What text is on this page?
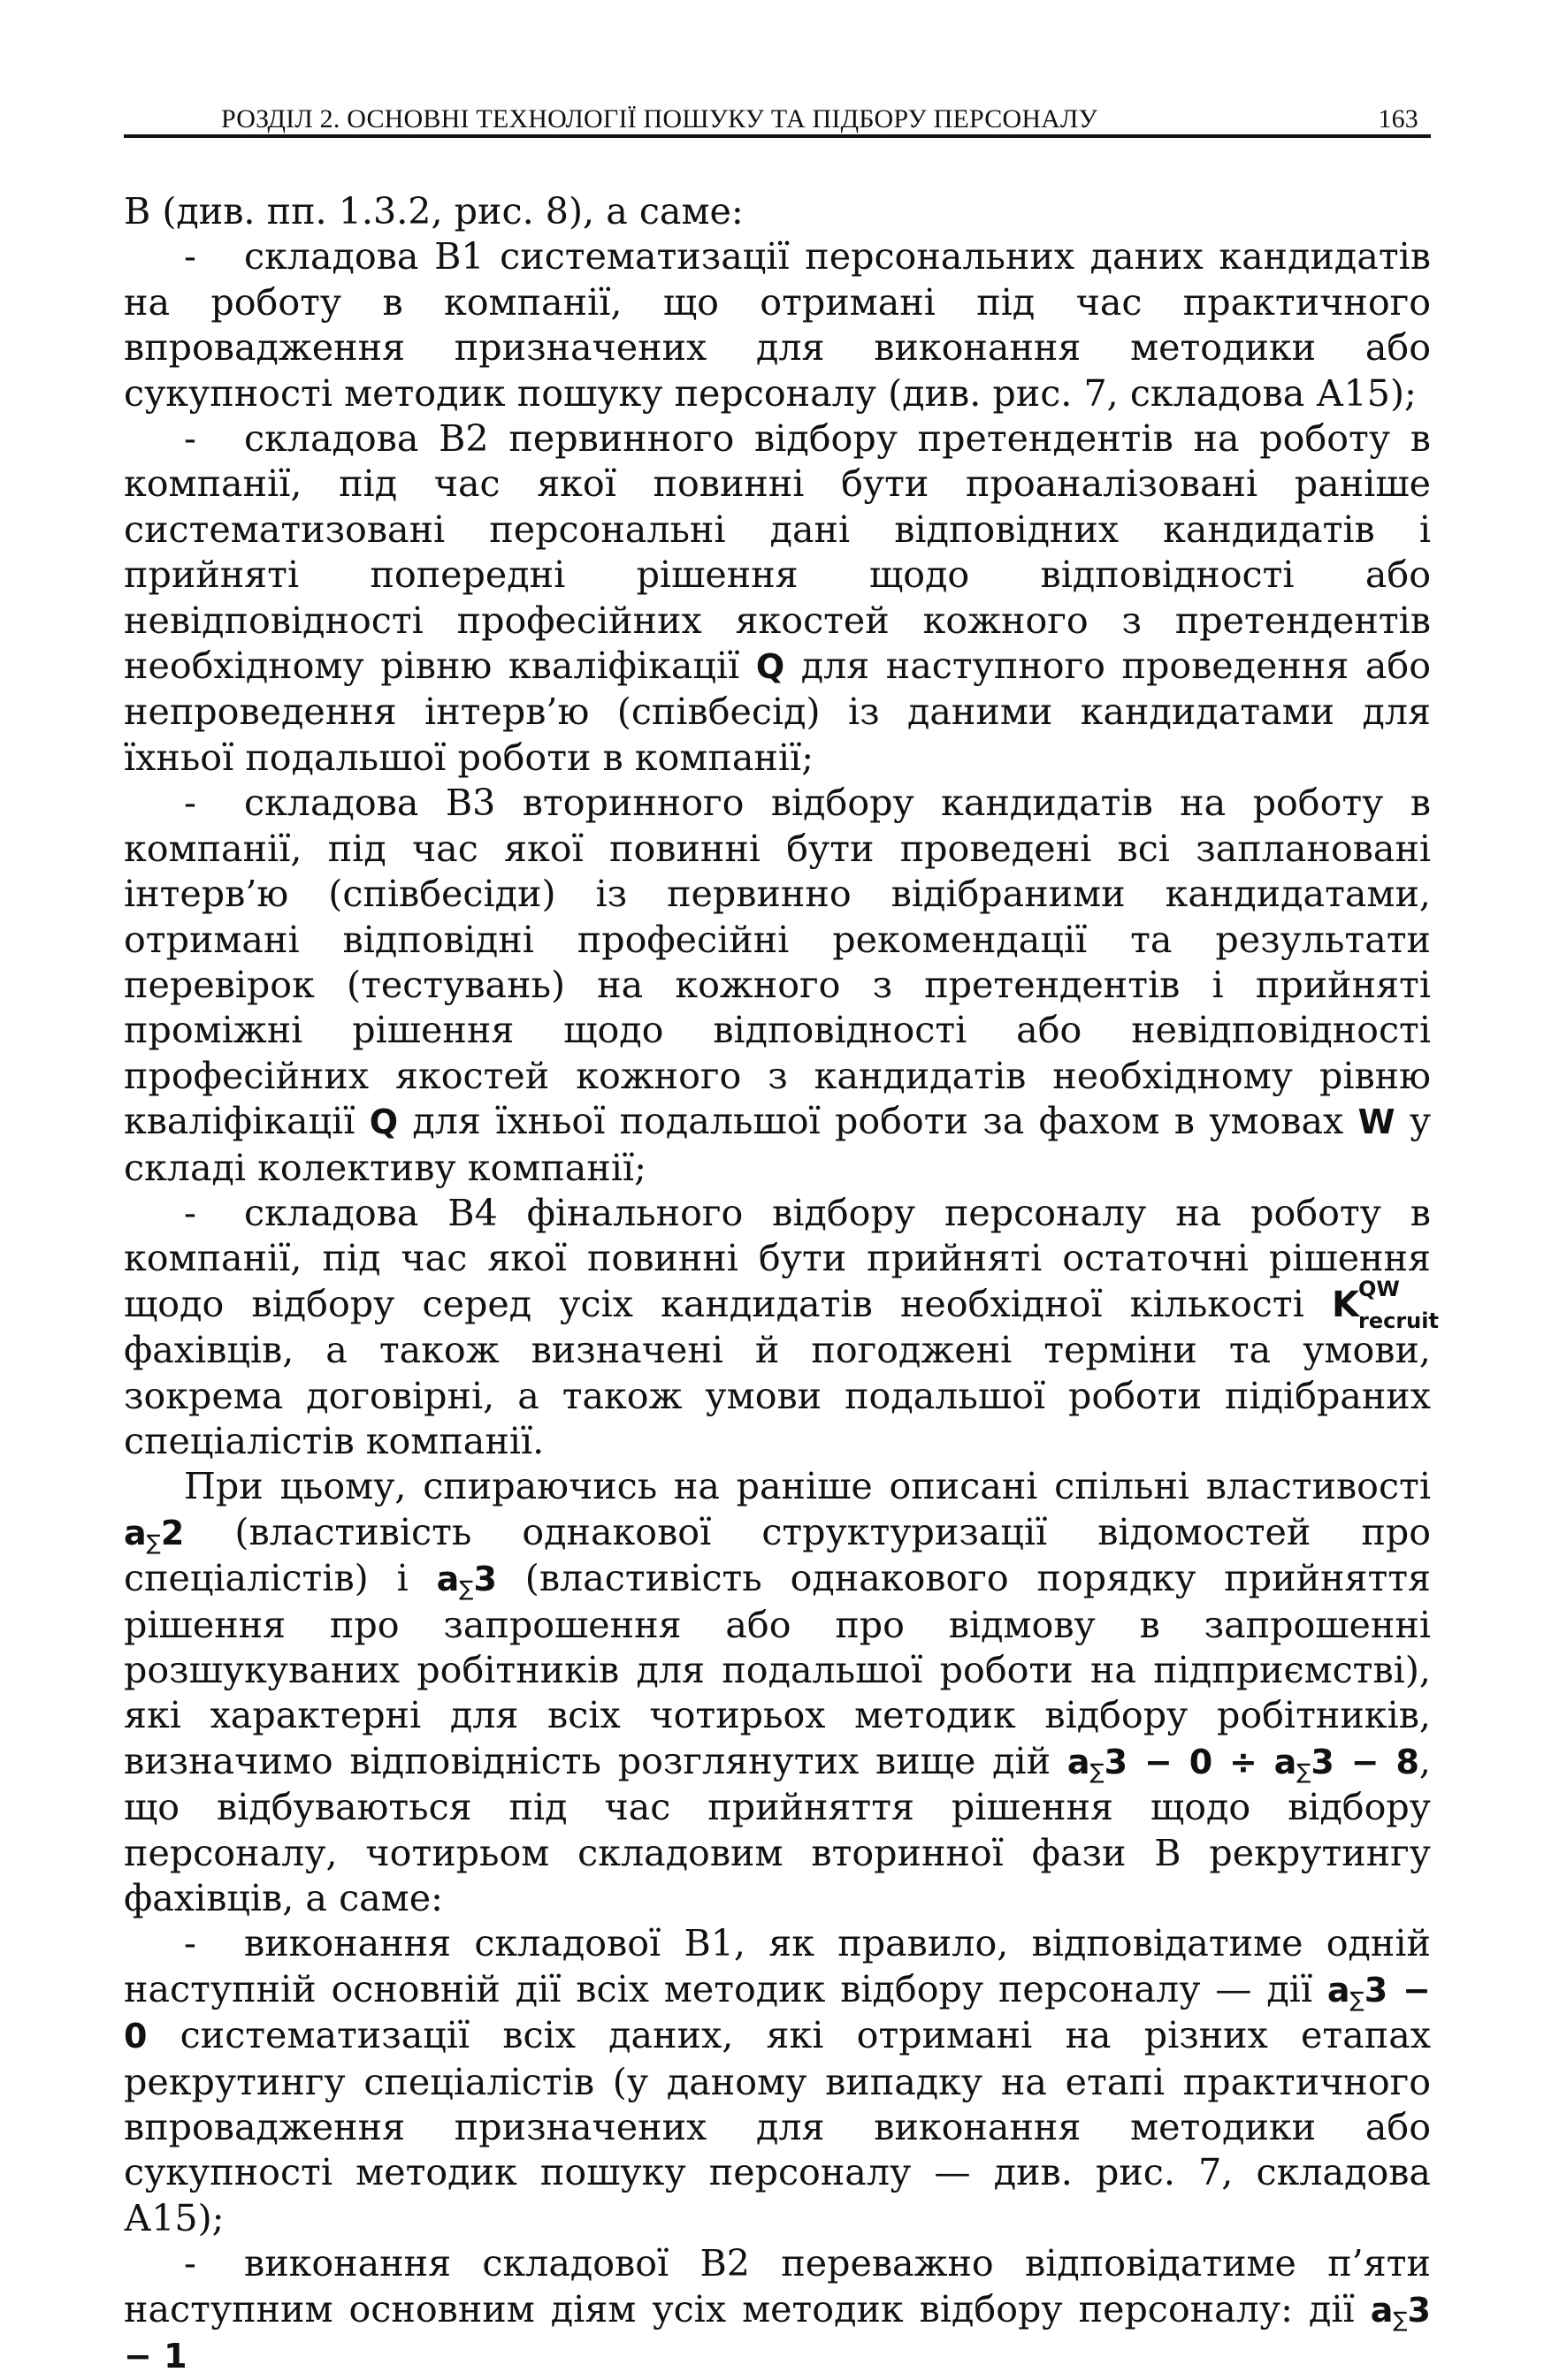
РОЗДІЛ 2. ОСНОВНІ ТЕХНОЛОГІЇ ПОШУКУ ТА ПІДБОРУ ПЕРСОНАЛУ	163

В (див. пп. 1.3.2, рис. 8), а саме:

- складова В1 систематизації персональних даних кандидатів на роботу в компанії, що отримані під час практичного впровадження призначених для виконання методики або сукупності методик пошуку персоналу (див. рис. 7, складова А15);

- складова В2 первинного відбору претендентів на роботу в компанії, під час якої повинні бути проаналізовані раніше систематизовані персональні дані відповідних кандидатів і прийняті попередні рішення щодо відповідності або невідповідності професійних якостей кожного з претендентів необхідному рівню кваліфікації Q для наступного проведення або непроведення інтерв’ю (співбесід) із даними кандидатами для їхньої подальшої роботи в компанії;

- складова В3 вторинного відбору кандидатів на роботу в компанії, під час якої повинні бути проведені всі заплановані інтерв’ю (співбесіди) із первинно відібраними кандидатами, отримані відповідні професійні рекомендації та результати перевірок (тестувань) на кожного з претендентів і прийняті проміжні рішення щодо відповідності або невідповідності професійних якостей кожного з кандидатів необхідному рівню кваліфікації Q для їхньої подальшої роботи за фахом в умовах W у складі колективу компанії;

- складова В4 фінального відбору персоналу на роботу в компанії, під час якої повинні бути прийняті остаточні рішення щодо відбору серед усіх кандидатів необхідної кількості K QW
recruit
фахівців, а також визначені й погоджені терміни та умови, зокрема договірні, а також умови подальшої роботи підібраних спеціалістів компанії.

При цьому, спираючись на раніше описані спільні властивості $a_\sum 2$ (властивість однакової структуризації відомостей про спеціалістів) і $a_\sum 3$ (властивість однакового порядку прийняття рішення про запрошення або про відмову в запрошенні розшукуваних робітників для подальшої роботи на підприємстві), які характерні для всіх чотирьох методик відбору робітників, визначимо відповідність розглянутих вище дій $a_\sum 3 - 0 \div a_\sum 3 - 8$, що відбуваються під час прийняття рішення щодо відбору персоналу, чотирьом складовим вторинної фази В рекрутингу фахівців, а саме:

- виконання складової В1, як правило, відповідатиме одній наступній основній дії всіх методик відбору персоналу — дії $a_\sum 3 - 0$ систематизації всіх даних, які отримані на різних етапах рекрутингу спеціалістів (у даному випадку на етапі практичного впровадження призначених для виконання методики або сукупності методик пошуку персоналу — див. рис. 7, складова А15);

- виконання складової В2 переважно відповідатиме п’яти наступним основним діям усіх методик відбору персоналу: дії $a_\sum 3 - 1$
